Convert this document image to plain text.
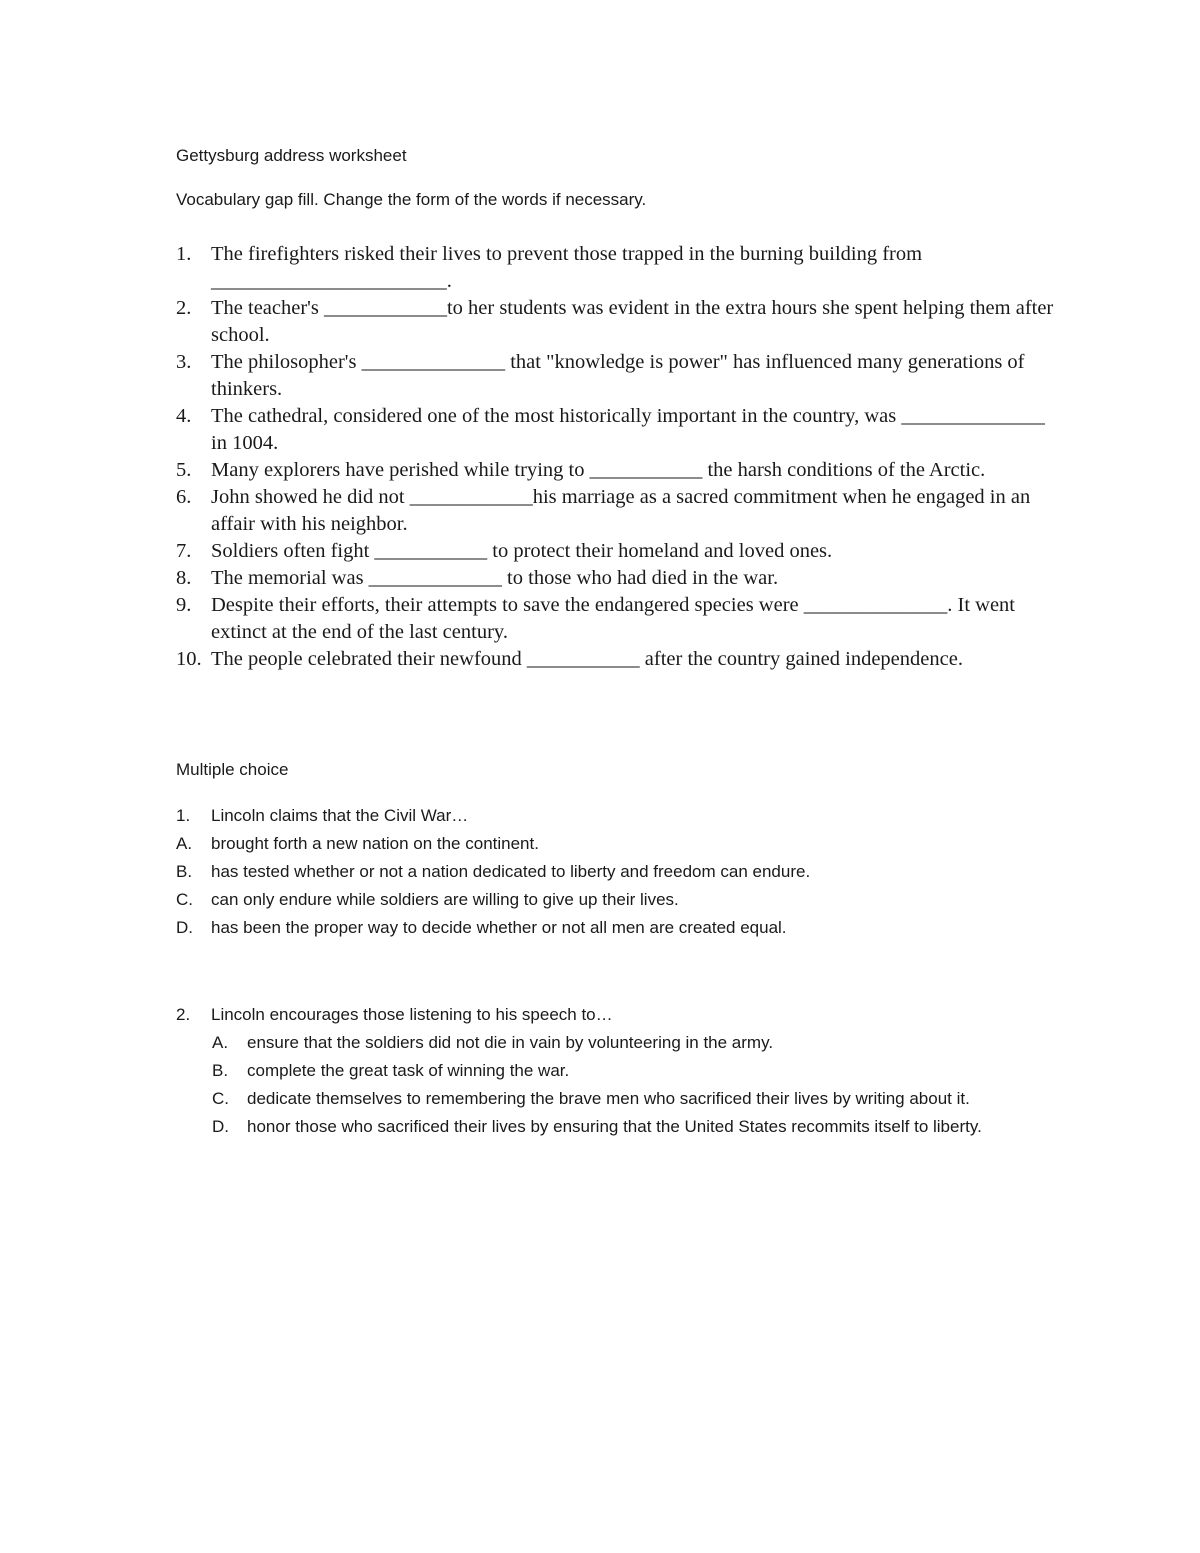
Gettysburg address worksheet
Vocabulary gap fill. Change the form of the words if necessary.
1. The firefighters risked their lives to prevent those trapped in the burning building from _______________________.
2. The teacher's ____________to her students was evident in the extra hours she spent helping them after school.
3. The philosopher's ______________ that "knowledge is power" has influenced many generations of thinkers.
4. The cathedral, considered one of the most historically important in the country, was ______________ in 1004.
5. Many explorers have perished while trying to ___________ the harsh conditions of the Arctic.
6. John showed he did not ____________his marriage as a sacred commitment when he engaged in an affair with his neighbor.
7. Soldiers often fight ___________ to protect their homeland and loved ones.
8. The memorial was _____________ to those who had died in the war.
9. Despite their efforts, their attempts to save the endangered species were ______________. It went extinct at the end of the last century.
10. The people celebrated their newfound ___________ after the country gained independence.
Multiple choice
1. Lincoln claims that the Civil War…
A. brought forth a new nation on the continent.
B. has tested whether or not a nation dedicated to liberty and freedom can endure.
C. can only endure while soldiers are willing to give up their lives.
D. has been the proper way to decide whether or not all men are created equal.
2. Lincoln encourages those listening to his speech to…
A. ensure that the soldiers did not die in vain by volunteering in the army.
B. complete the great task of winning the war.
C. dedicate themselves to remembering the brave men who sacrificed their lives by writing about it.
D. honor those who sacrificed their lives by ensuring that the United States recommits itself to liberty.
